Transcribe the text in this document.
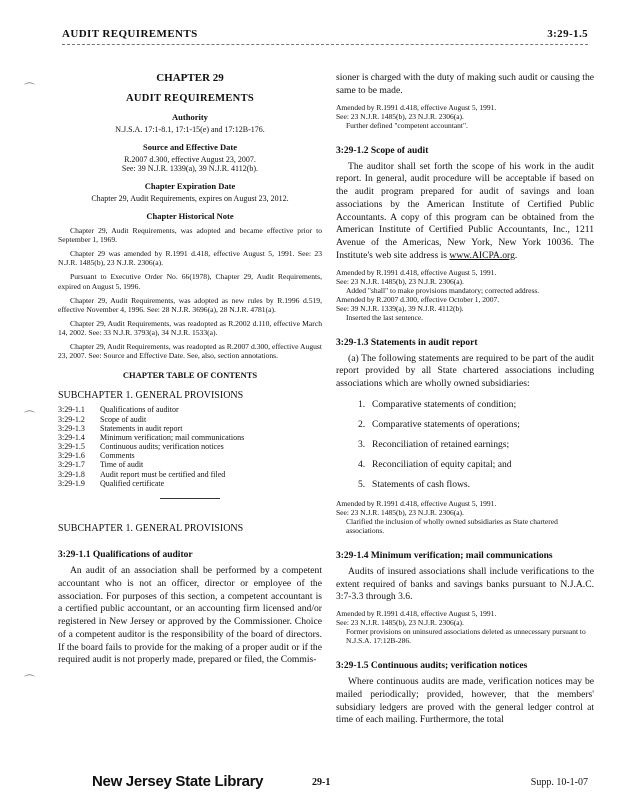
AUDIT REQUIREMENTS	3:29-1.5
⌒
⌒
⌒

CHAPTER 29

AUDIT REQUIREMENTS

Authority

N.J.S.A. 17:1-8.1, 17:1-15(e) and 17:12B-176.

Source and Effective Date

R.2007 d.300, effective August 23, 2007.

See: 39 N.J.R. 1339(a), 39 N.J.R. 4112(b).

Chapter Expiration Date

Chapter 29, Audit Requirements, expires on August 23, 2012.

Chapter Historical Note

Chapter 29, Audit Requirements, was adopted and became effective prior to September 1, 1969.

Chapter 29 was amended by R.1991 d.418, effective August 5, 1991. See: 23 N.J.R. 1485(b), 23 N.J.R. 2306(a).

Pursuant to Executive Order No. 66(1978), Chapter 29, Audit Requirements, expired on August 5, 1996.

Chapter 29, Audit Requirements, was adopted as new rules by R.1996 d.519, effective November 4, 1996. See: 28 N.J.R. 3696(a), 28 N.J.R. 4781(a).

Chapter 29, Audit Requirements, was readopted as R.2002 d.110, effective March 14, 2002. See: 33 N.J.R. 3793(a), 34 N.J.R. 1533(a).

Chapter 29, Audit Requirements, was readopted as R.2007 d.300, effective August 23, 2007. See: Source and Effective Date. See, also, section annotations.

CHAPTER TABLE OF CONTENTS

SUBCHAPTER 1. GENERAL PROVISIONS

3:29-1.1	Qualifications of auditor
3:29-1.2	Scope of audit
3:29-1.3	Statements in audit report
3:29-1.4	Minimum verification; mail communications
3:29-1.5	Continuous audits; verification notices
3:29-1.6	Comments
3:29-1.7	Time of audit
3:29-1.8	Audit report must be certified and filed
3:29-1.9	Qualified certificate

SUBCHAPTER 1. GENERAL PROVISIONS

3:29-1.1 Qualifications of auditor

An audit of an association shall be performed by a competent accountant who is not an officer, director or employee of the association. For purposes of this section, a competent accountant is a certified public accountant, or an accounting firm licensed and/or registered in New Jersey or approved by the Commissioner. Choice of a competent auditor is the responsibility of the board of directors. If the board fails to provide for the making of a proper audit or if the required audit is not properly made, prepared or filed, the Commis-

sioner is charged with the duty of making such audit or causing the same to be made.

Amended by R.1991 d.418, effective August 5, 1991.
See: 23 N.J.R. 1485(b), 23 N.J.R. 2306(a).
Further defined "competent accountant".

3:29-1.2 Scope of audit

The auditor shall set forth the scope of his work in the audit report. In general, audit procedure will be acceptable if based on the audit program prepared for audit of savings and loan associations by the American Institute of Certified Public Accountants. A copy of this program can be obtained from the American Institute of Certified Public Accountants, Inc., 1211 Avenue of the Americas, New York, New York 10036. The Institute's web site address is www.AICPA.org.

Amended by R.1991 d.418, effective August 5, 1991.
See: 23 N.J.R. 1485(b), 23 N.J.R. 2306(a).
Added "shall" to make provisions mandatory; corrected address.
Amended by R.2007 d.300, effective October 1, 2007.
See: 39 N.J.R. 1339(a), 39 N.J.R. 4112(b).
Inserted the last sentence.

3:29-1.3 Statements in audit report

(a) The following statements are required to be part of the audit report provided by all State chartered associations including associations which are wholly owned subsidiaries:

1. Comparative statements of condition;
2. Comparative statements of operations;
3. Reconciliation of retained earnings;
4. Reconciliation of equity capital; and
5. Statements of cash flows.
Amended by R.1991 d.418, effective August 5, 1991.
See: 23 N.J.R. 1485(b), 23 N.J.R. 2306(a).
Clarified the inclusion of wholly owned subsidiaries as State chartered associations.

3:29-1.4 Minimum verification; mail communications

Audits of insured associations shall include verifications to the extent required of banks and savings banks pursuant to N.J.A.C. 3:7-3.3 through 3.6.

Amended by R.1991 d.418, effective August 5, 1991.
See: 23 N.J.R. 1485(b), 23 N.J.R. 2306(a).
Former provisions on uninsured associations deleted as unnecessary pursuant to N.J.S.A. 17:12B-286.

3:29-1.5 Continuous audits; verification notices

Where continuous audits are made, verification notices may be mailed periodically; provided, however, that the members' subsidiary ledgers are proved with the general ledger control at time of each mailing. Furthermore, the total

New Jersey State Library	29-1	Supp. 10-1-07
